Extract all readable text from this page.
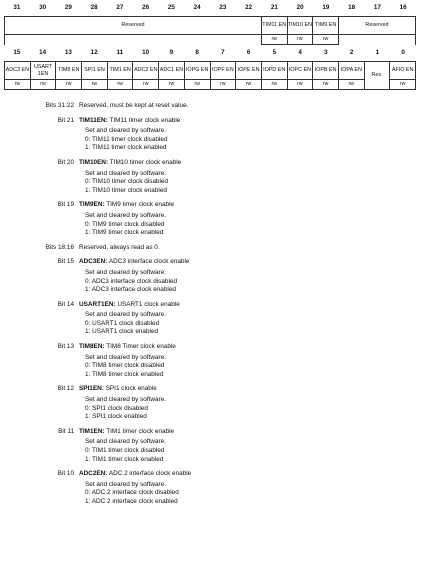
31	30	29	28	27	26	25	24	23	22	21	20	19	18	17	16
Reserved	TIM11 EN	TIM10 EN	TIM9 EN	Reserved
	rw	rw	rw	
15	14	13	12	11	10	9	8	7	6	5	4	3	2	1	0
ADC3 EN	USART 1EN	TIM8 EN	SPI1 EN	TIM1 EN	ADC2 EN	ADC1 EN	IOPG EN	IOPF EN	IOPE EN	IOPD EN	IOPC EN	IOPB EN	IOPA EN	Res.	AFIO EN
rw	rw	rw	rw	rw	rw	rw	rw	rw	rw	rw	rw	rw	rw		rw
Bits 31:22 Reserved, must be kept at reset value.
Bit 21 TIM11EN: TIM11 timer clock enable
Set and cleared by software.
0: TIM11 timer clock disabled
1: TIM11 timer clock enabled
Bit 20 TIM10EN: TIM10 timer clock enable
Set and cleared by software.
0: TIM10 timer clock disabled
1: TIM10 timer clock enabled
Bit 19 TIM9EN: TIM9 timer clock enable
Set and cleared by software.
0: TIM9 timer clock disabled
1: TIM9 timer clock enabled
Bits 18:16 Reserved, always read as 0.
Bit 15 ADC3EN: ADC3 interface clock enable
Set and cleared by software.
0: ADC3 interface clock disabled
1: ADC3 interface clock enabled
Bit 14 USART1EN: USART1 clock enable
Set and cleared by software.
0: USART1 clock disabled
1: USART1 clock enabled
Bit 13 TIM8EN: TIM8 Timer clock enable
Set and cleared by software.
0: TIM8 timer clock disabled
1: TIM8 timer clock enabled
Bit 12 SPI1EN: SPI1 clock enable
Set and cleared by software.
0: SPI1 clock disabled
1: SPI1 clock enabled
Bit 11 TIM1EN: TIM1 timer clock enable
Set and cleared by software.
0: TIM1 timer clock disabled
1: TIM1 timer clock enabled
Bit 10 ADC2EN: ADC 2 interface clock enable
Set and cleared by software.
0: ADC 2 interface clock disabled
1: ADC 2 interface clock enabled
